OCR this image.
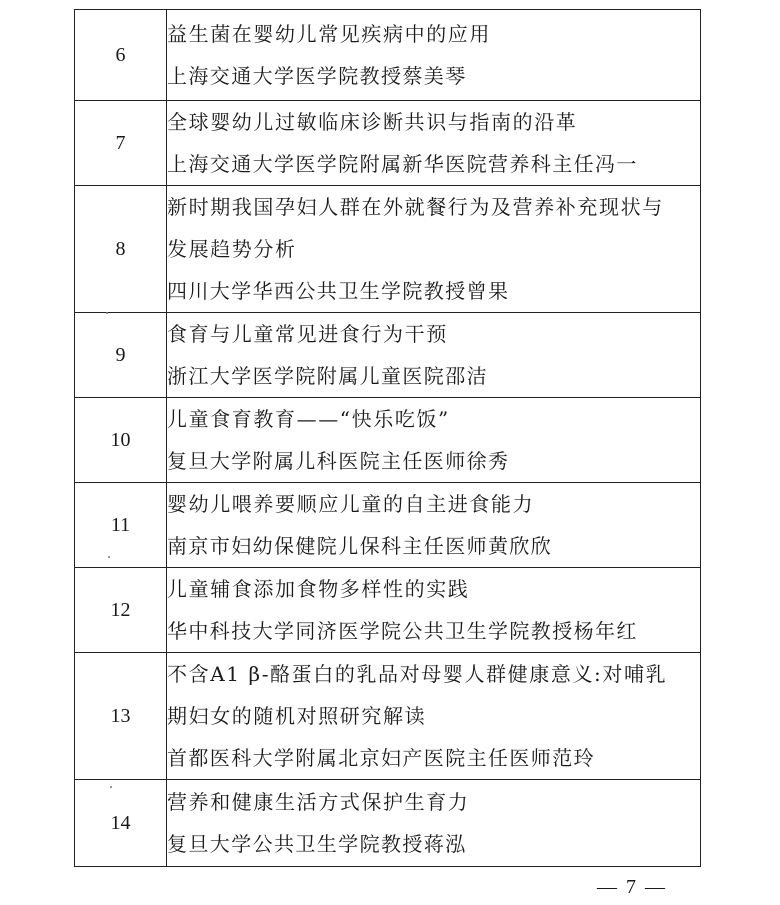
6	益生菌在婴幼儿常见疾病中的应用
上海交通大学医学院教授蔡美琴

7	全球婴幼儿过敏临床诊断共识与指南的沿革
上海交通大学医学院附属新华医院营养科主任冯一

8	新时期我国孕妇人群在外就餐行为及营养补充现状与
发展趋势分析
四川大学华西公共卫生学院教授曾果

9	食育与儿童常见进食行为干预
浙江大学医学院附属儿童医院邵洁

10	儿童食育教育——“快乐吃饭”
复旦大学附属儿科医院主任医师徐秀

11	婴幼儿喂养要顺应儿童的自主进食能力
南京市妇幼保健院儿保科主任医师黄欣欣

12	儿童辅食添加食物多样性的实践
华中科技大学同济医学院公共卫生学院教授杨年红

13	不含A1 β-酪蛋白的乳品对母婴人群健康意义:对哺乳
期妇女的随机对照研究解读
首都医科大学附属北京妇产医院主任医师范玲

14	营养和健康生活方式保护生育力
复旦大学公共卫生学院教授蒋泓
— 7 —
